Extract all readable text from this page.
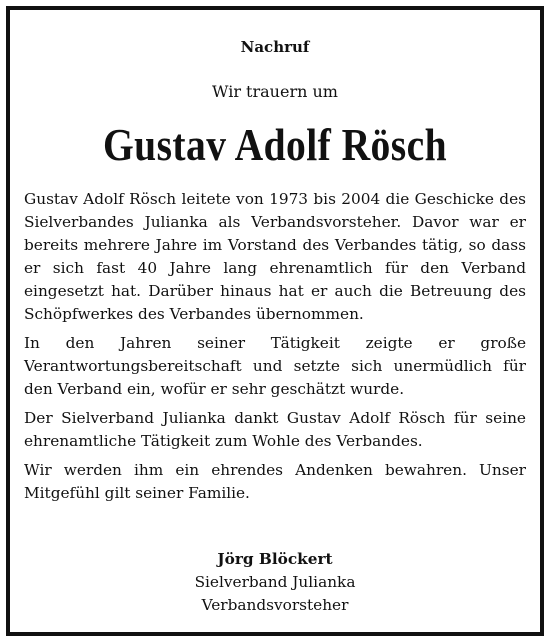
Nachruf
Wir trauern um
Gustav Adolf Rösch

Gustav Adolf Rösch leitete von 1973 bis 2004 die Geschicke des Sielverbandes Julianka als Verbandsvorsteher. Davor war er bereits mehrere Jahre im Vorstand des Verbandes tätig, so dass er sich fast 40 Jahre lang ehrenamtlich für den Verband eingesetzt hat. Darüber hinaus hat er auch die Betreuung des Schöpfwerkes des Verbandes übernommen.

In den Jahren seiner Tätigkeit zeigte er große Verantwortungsbereitschaft und setzte sich unermüdlich für den Verband ein, wofür er sehr geschätzt wurde.

Der Sielverband Julianka dankt Gustav Adolf Rösch für seine ehrenamtliche Tätigkeit zum Wohle des Verbandes.

Wir werden ihm ein ehrendes Andenken bewahren. Unser Mitgefühl gilt seiner Familie.

Jörg Blöckert
Sielverband Julianka
Verbandsvorsteher
